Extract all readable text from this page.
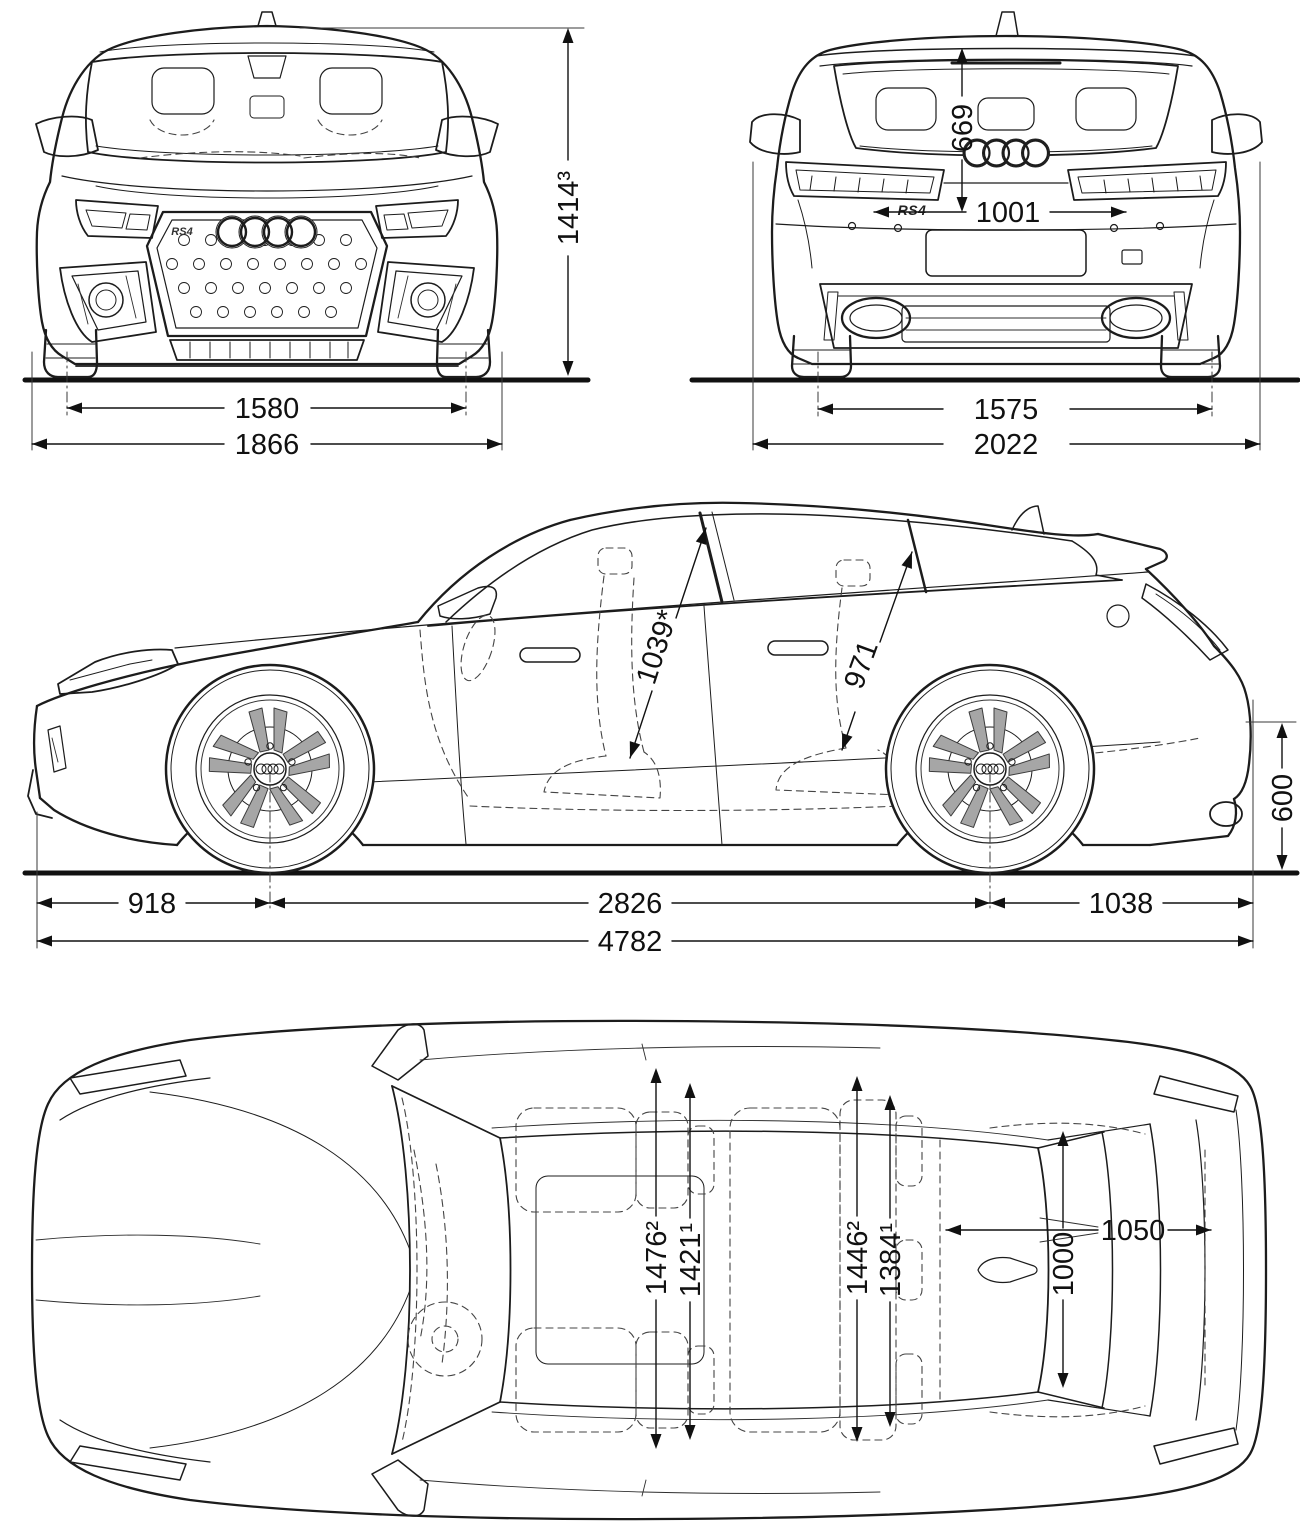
RS4	1414³
1580
1866
RS4
669
1001
1575
2022
1039*	971
600
918	2826	1038
4782
1476² 1421¹	1446² 1384¹	1050
1000
